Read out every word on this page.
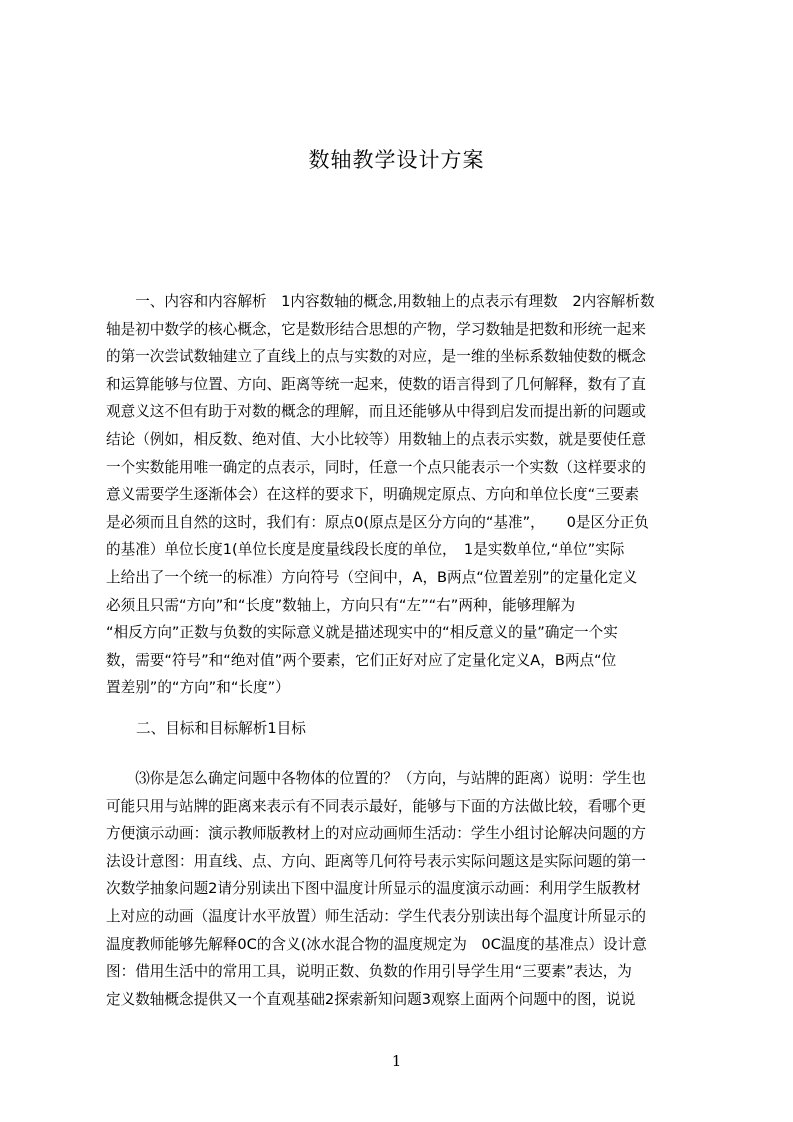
数轴教学设计方案
　　一、内容和内容解析　1内容数轴的概念,用数轴上的点表示有理数　2内容解析数
轴是初中数学的核心概念，它是数形结合思想的产物，学习数轴是把数和形统一起来
的第一次尝试数轴建立了直线上的点与实数的对应，是一维的坐标系数轴使数的概念
和运算能够与位置、方向、距离等统一起来，使数的语言得到了几何解释，数有了直
观意义这不但有助于对数的概念的理解，而且还能够从中得到启发而提出新的问题或
结论（例如，相反数、绝对值、大小比较等）用数轴上的点表示实数，就是要使任意
一个实数能用唯一确定的点表示，同时，任意一个点只能表示一个实数（这样要求的
意义需要学生逐渐体会）在这样的要求下，明确规定原点、方向和单位长度“三要素
是必须而且自然的这时，我们有：原点0(原点是区分方向的“基准”，　　0是区分正负
的基准）单位长度1(单位长度是度量线段长度的单位，　1是实数单位,“单位”实际
上给出了一个统一的标准）方向符号（空间中，A，B两点“位置差别”的定量化定义
必须且只需“方向”和“长度”数轴上，方向只有“左”“右”两种，能够理解为
“相反方向”正数与负数的实际意义就是描述现实中的“相反意义的量”确定一个实
数，需要“符号”和“绝对值”两个要素，它们正好对应了定量化定义A，B两点“位
置差别”的“方向”和“长度”）
二、目标和目标解析1目标
　　⑶你是怎么确定问题中各物体的位置的？（方向，与站牌的距离）说明：学生也
可能只用与站牌的距离来表示有不同表示最好，能够与下面的方法做比较，看哪个更
方便演示动画：演示教师版教材上的对应动画师生活动：学生小组讨论解决问题的方
法设计意图：用直线、点、方向、距离等几何符号表示实际问题这是实际问题的第一
次数学抽象问题2请分别读出下图中温度计所显示的温度演示动画：利用学生版教材
上对应的动画（温度计水平放置）师生活动：学生代表分别读出每个温度计所显示的
温度教师能够先解释0C的含义(冰水混合物的温度规定为　0C温度的基准点）设计意
图：借用生活中的常用工具，说明正数、负数的作用引导学生用“三要素”表达，为
定义数轴概念提供又一个直观基础2探索新知问题3观察上面两个问题中的图，说说
1
